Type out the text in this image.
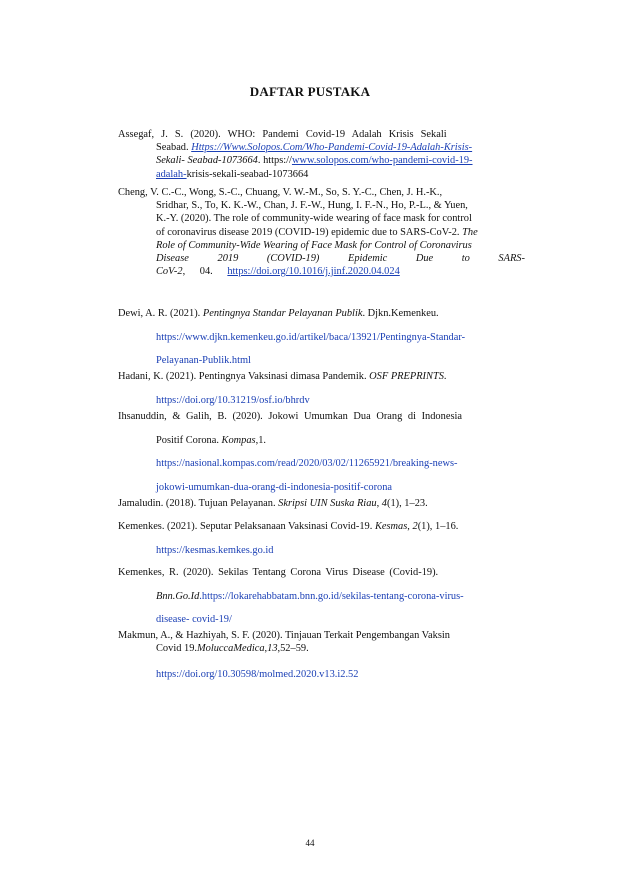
DAFTAR PUSTAKA
Assegaf, J. S. (2020). WHO: Pandemi Covid-19 Adalah Krisis Sekali
Seabad. Https://Www.Solopos.Com/Who-Pandemi-Covid-19-Adalah-Krisis-
Sekali- Seabad-1073664. https://www.solopos.com/who-pandemi-covid-19-
adalah-krisis-sekali-seabad-1073664
Cheng, V. C.-C., Wong, S.-C., Chuang, V. W.-M., So, S. Y.-C., Chen, J. H.-K.,
Sridhar, S., To, K. K.-W., Chan, J. F.-W., Hung, I. F.-N., Ho, P.-L., & Yuen,
K.-Y. (2020). The role of community-wide wearing of face mask for control
of coronavirus disease 2019 (COVID-19) epidemic due to SARS-CoV-2. The
Role of Community-Wide Wearing of Face Mask for Control of Coronavirus
Disease 2019 (COVID-19) Epidemic Due to SARS-
CoV-2, 04. https://doi.org/10.1016/j.jinf.2020.04.024
Dewi, A. R. (2021). Pentingnya Standar Pelayanan Publik. Djkn.Kemenkeu.
https://www.djkn.kemenkeu.go.id/artikel/baca/13921/Pentingnya-Standar-
Pelayanan-Publik.html
Hadani, K. (2021). Pentingnya Vaksinasi dimasa Pandemik. OSF PREPRINTS.
https://doi.org/10.31219/osf.io/bhrdv
Ihsanuddin, & Galih, B. (2020). Jokowi Umumkan Dua Orang di Indonesia
Positif Corona. Kompas,1.
https://nasional.kompas.com/read/2020/03/02/11265921/breaking-news-
jokowi-umumkan-dua-orang-di-indonesia-positif-corona
Jamaludin. (2018). Tujuan Pelayanan. Skripsi UIN Suska Riau, 4(1), 1–23.
Kemenkes. (2021). Seputar Pelaksanaan Vaksinasi Covid-19. Kesmas, 2(1), 1–16.
https://kesmas.kemkes.go.id
Kemenkes, R. (2020). Sekilas Tentang Corona Virus Disease (Covid-19).
Bnn.Go.Id.https://lokarehabbatam.bnn.go.id/sekilas-tentang-corona-virus-
disease- covid-19/
Makmun, A., & Hazhiyah, S. F. (2020). Tinjauan Terkait Pengembangan Vaksin
Covid 19.MoluccaMedica,13,52–59.
https://doi.org/10.30598/molmed.2020.v13.i2.52
44
